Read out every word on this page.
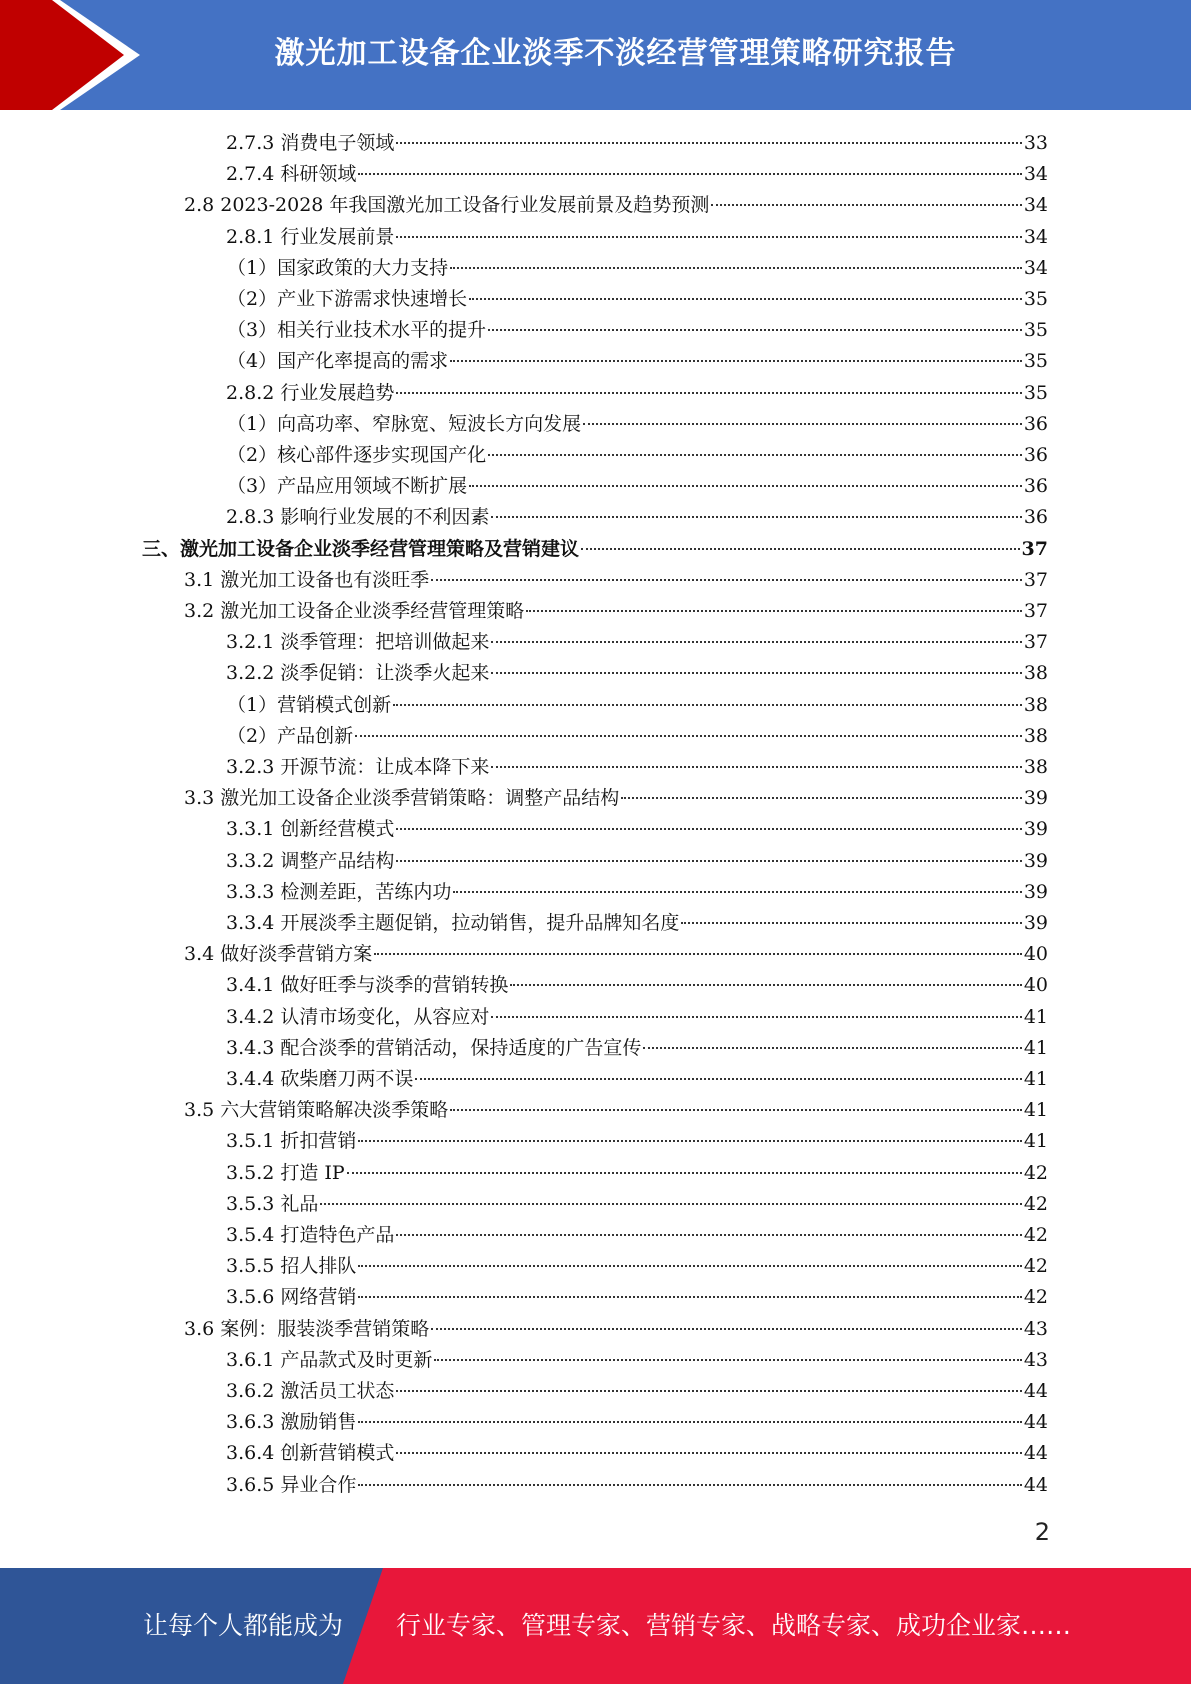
激光加工设备企业淡季不淡经营管理策略研究报告
2.7.3 消费电子领域	33
2.7.4 科研领域	34
2.8 2023-2028 年我国激光加工设备行业发展前景及趋势预测	34
2.8.1 行业发展前景	34
（1）国家政策的大力支持	34
（2）产业下游需求快速增长	35
（3）相关行业技术水平的提升	35
（4）国产化率提高的需求	35
2.8.2 行业发展趋势	35
（1）向高功率、窄脉宽、短波长方向发展	36
（2）核心部件逐步实现国产化	36
（3）产品应用领域不断扩展	36
2.8.3 影响行业发展的不利因素	36
三、激光加工设备企业淡季经营管理策略及营销建议	37
3.1 激光加工设备也有淡旺季	37
3.2 激光加工设备企业淡季经营管理策略	37
3.2.1 淡季管理：把培训做起来	37
3.2.2 淡季促销：让淡季火起来	38
（1）营销模式创新	38
（2）产品创新	38
3.2.3 开源节流：让成本降下来	38
3.3 激光加工设备企业淡季营销策略：调整产品结构	39
3.3.1 创新经营模式	39
3.3.2 调整产品结构	39
3.3.3 检测差距，苦练内功	39
3.3.4 开展淡季主题促销，拉动销售，提升品牌知名度	39
3.4 做好淡季营销方案	40
3.4.1 做好旺季与淡季的营销转换	40
3.4.2 认清市场变化，从容应对	41
3.4.3 配合淡季的营销活动，保持适度的广告宣传	41
3.4.4 砍柴磨刀两不误	41
3.5 六大营销策略解决淡季策略	41
3.5.1 折扣营销	41
3.5.2 打造 IP	42
3.5.3 礼品	42
3.5.4 打造特色产品	42
3.5.5 招人排队	42
3.5.6 网络营销	42
3.6 案例：服装淡季营销策略	43
3.6.1 产品款式及时更新	43
3.6.2 激活员工状态	44
3.6.3 激励销售	44
3.6.4 创新营销模式	44
3.6.5 异业合作	44
2
让每个人都能成为 行业专家、管理专家、营销专家、战略专家、成功企业家……
